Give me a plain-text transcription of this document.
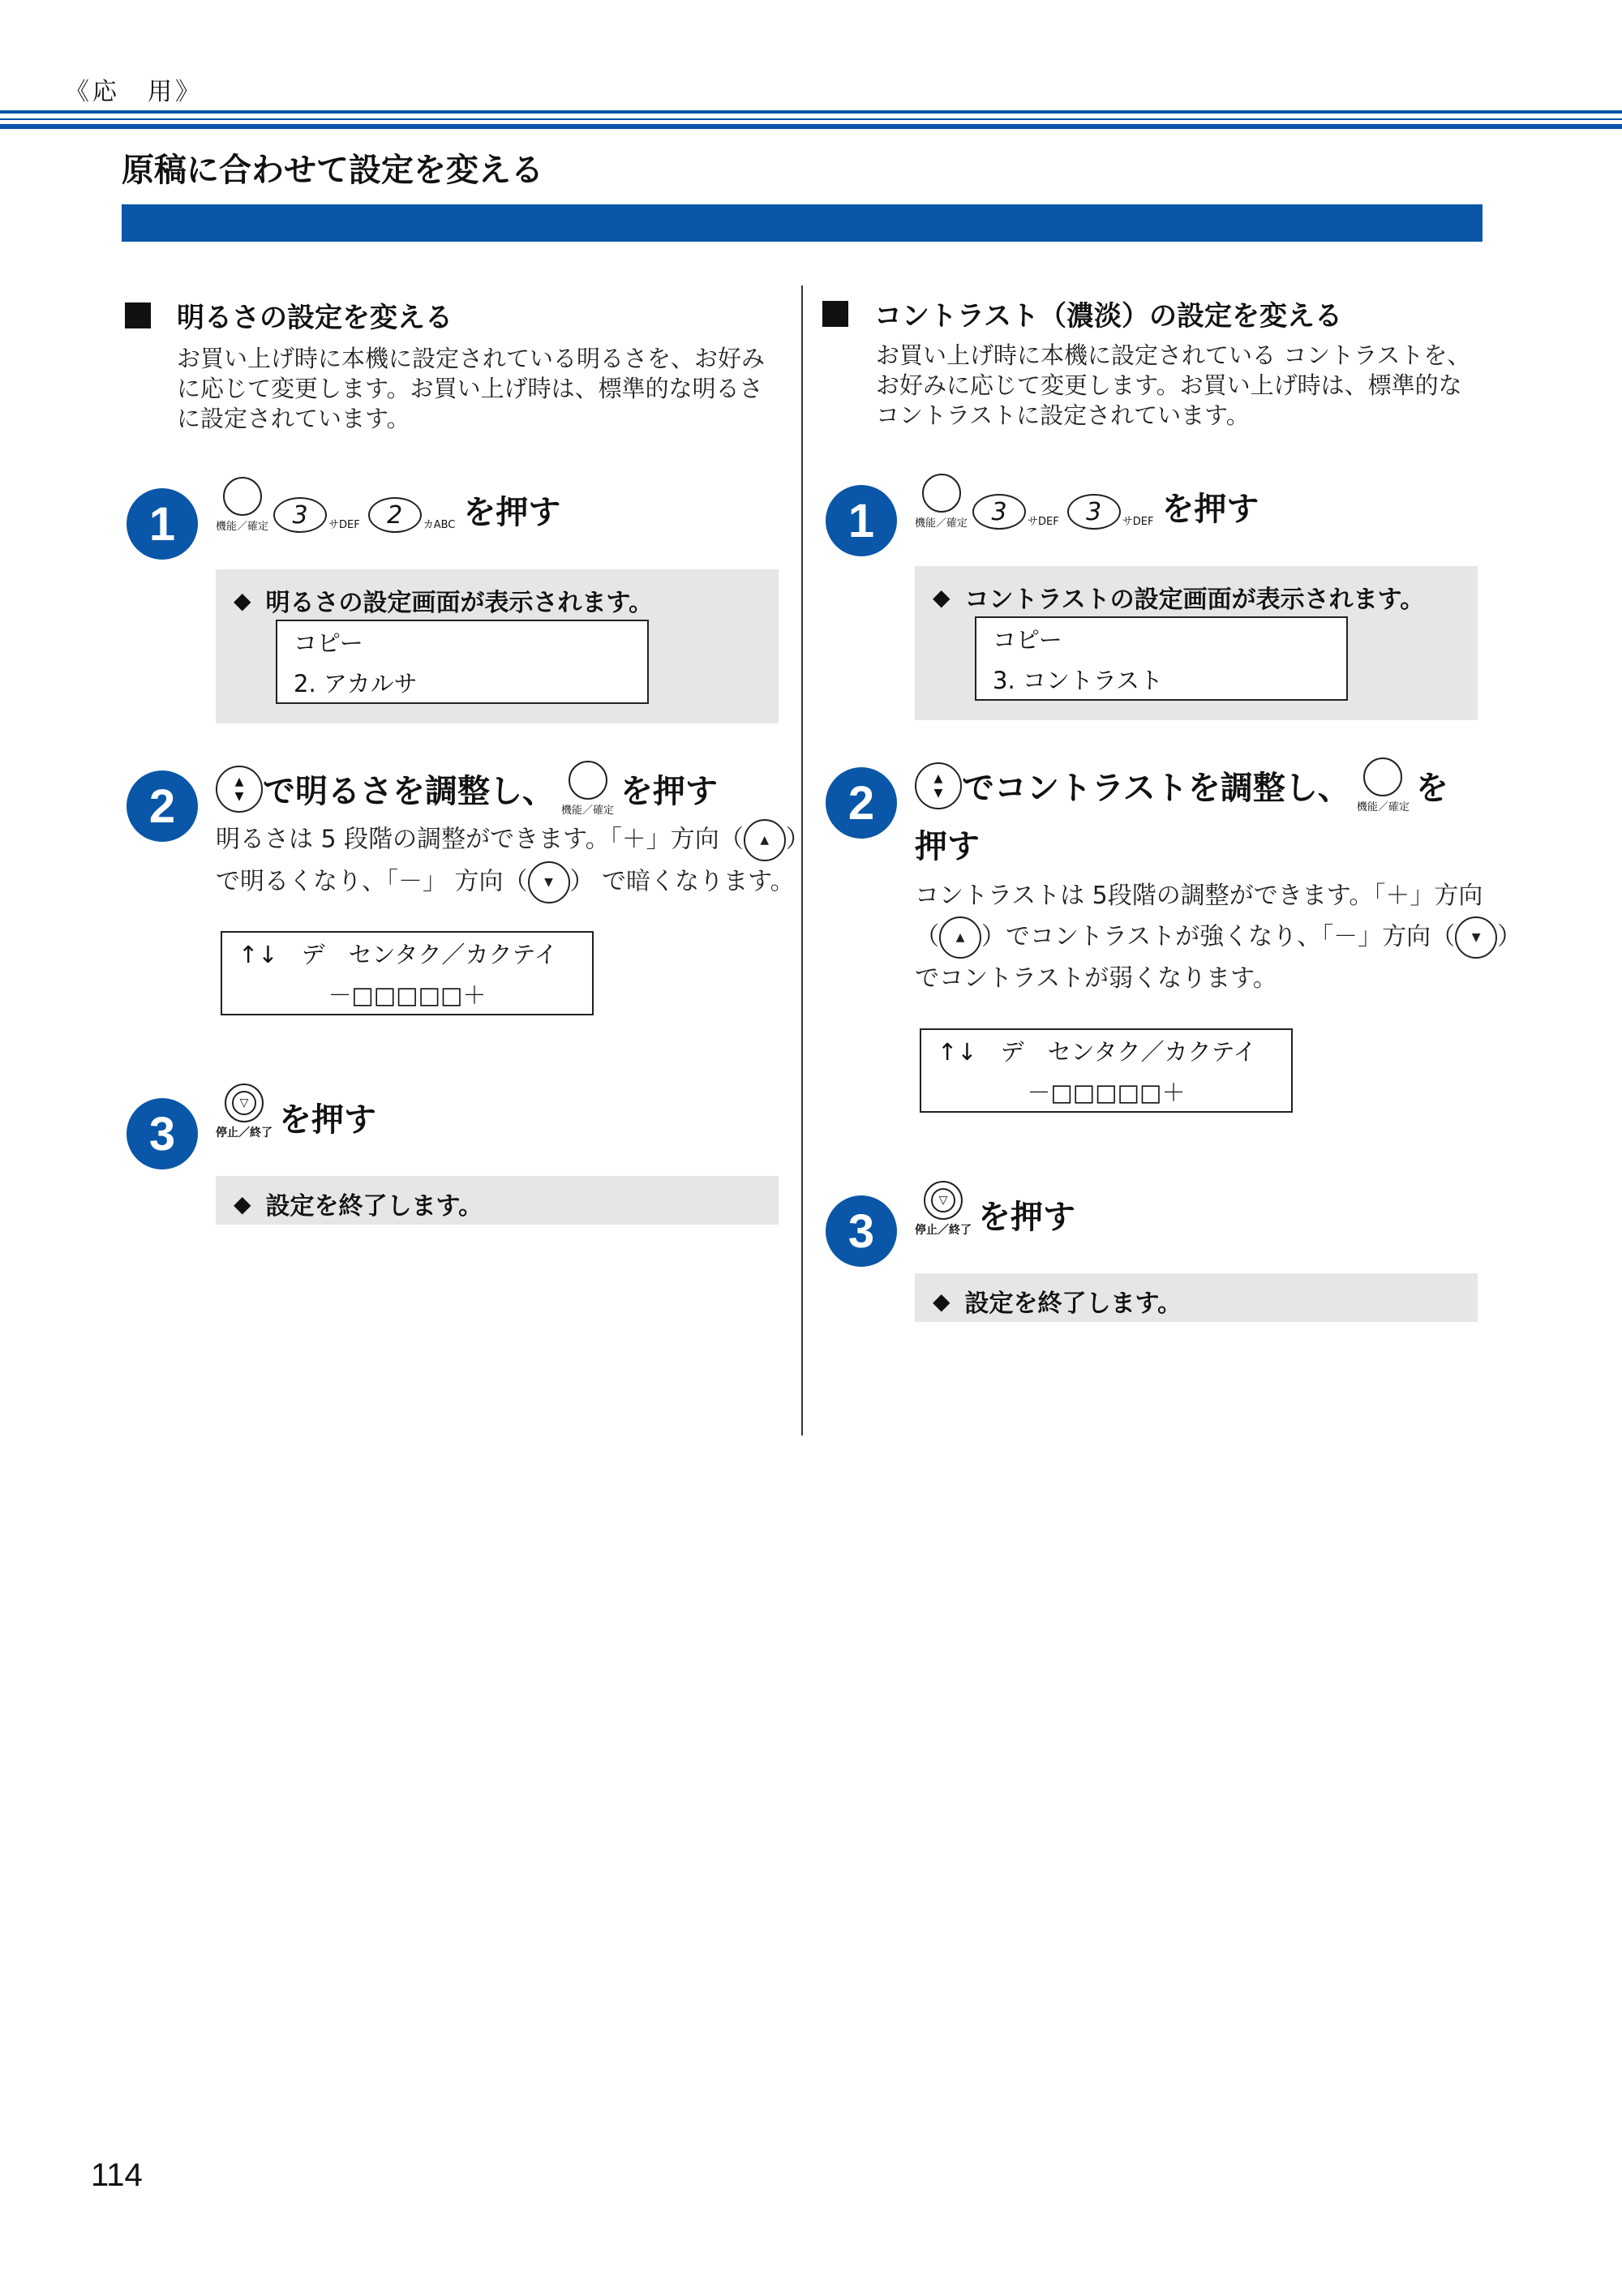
《応　用》
原稿に合わせて設定を変える
明るさの設定を変える
お買い上げ時に本機に設定されている明るさを、お好み
に応じて変更します。お買い上げ時は、標準的な明るさ
に設定されています。
1	機能／確定 3	サDEF	2	カABC を押す
◆ 明るさの設定画面が表示されます。
コピー
2. アカルサ
2	▲
▼ で明るさを調整し、
機能／確定
を押す
明るさは 5 段階の調整ができます。「＋」方向（ ▲ ）
で明るくなり、「－」 方向（ ▼ ） で暗くなります。
↑↓　デ　センタク／カクテイ
－□□□□□＋
3
▽
停止／終了 を押す
◆ 設定を終了します。
コントラスト（濃淡）の設定を変える
お買い上げ時に本機に設定されている コントラストを、
お好みに応じて変更します。お買い上げ時は、標準的な
コントラストに設定されています。
1	機能／確定 3	サDEF	3	サDEF を押す
◆ コントラストの設定画面が表示されます。
コピー
3. コントラスト
2	▲
▼ でコントラストを調整し、
機能／確定
を
押す
コントラストは 5段階の調整ができます。「＋」方向
（ ▲ ）でコントラストが強くなり、「－」方向（ ▼ ）
でコントラストが弱くなります。
↑↓　デ　センタク／カクテイ
－□□□□□＋
3
▽
停止／終了 を押す
◆ 設定を終了します。
114
